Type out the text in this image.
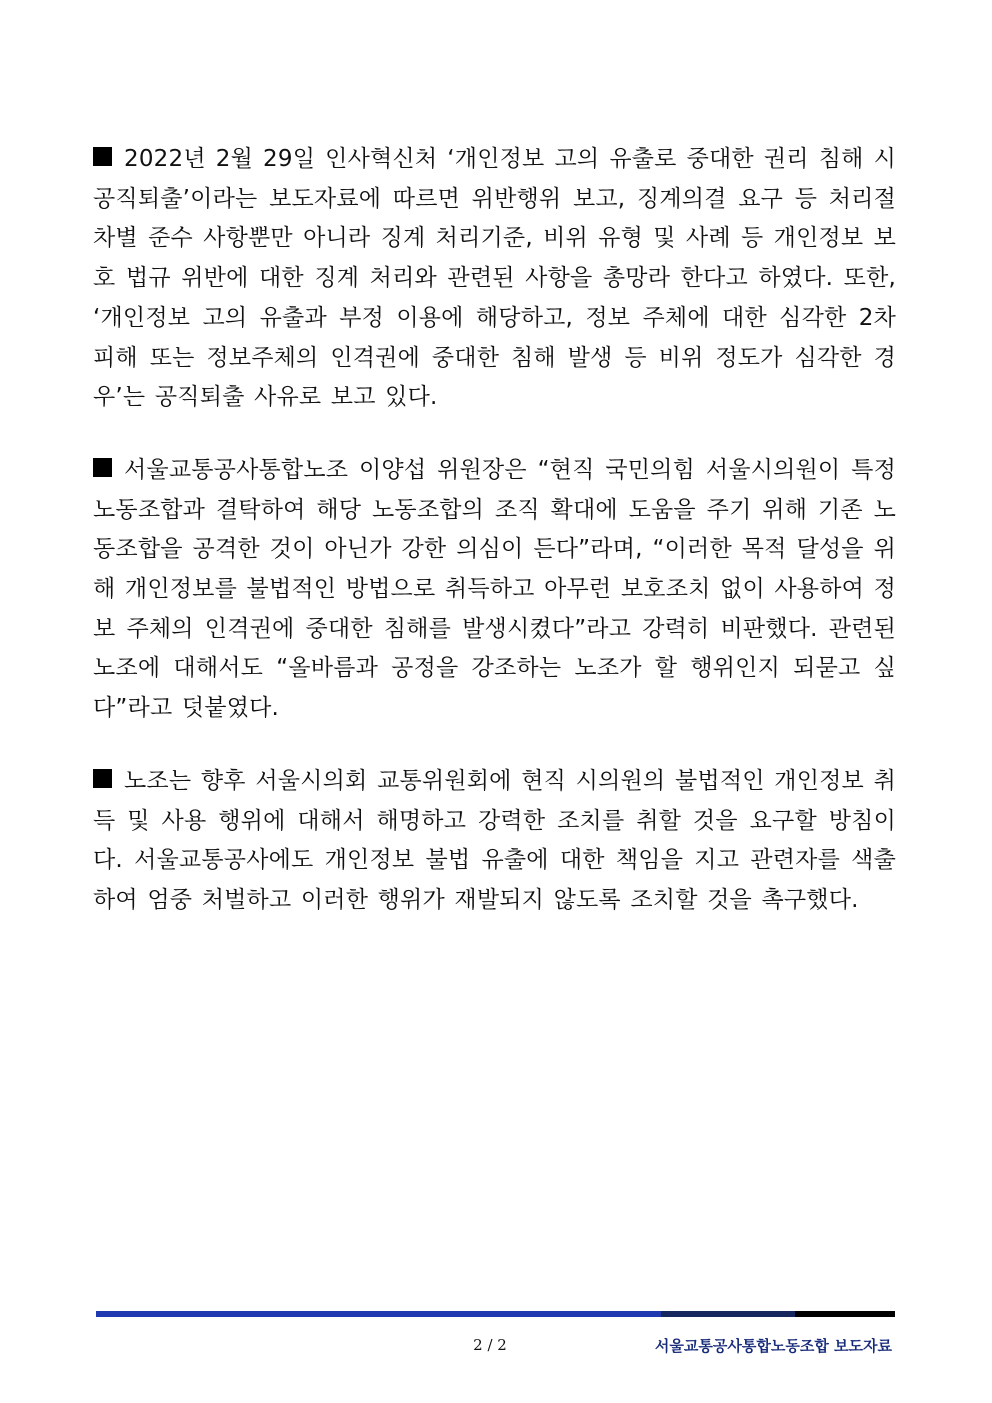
2022년 2월 29일 인사혁신처 ‘개인정보 고의 유출로 중대한 권리 침해 시 공직퇴출’이라는 보도자료에 따르면 위반행위 보고, 징계의결 요구 등 처리절차별 준수 사항뿐만 아니라 징계 처리기준, 비위 유형 및 사례 등 개인정보 보호 법규 위반에 대한 징계 처리와 관련된 사항을 총망라 한다고 하였다. 또한, ‘개인정보 고의 유출과 부정 이용에 해당하고, 정보 주체에 대한 심각한 2차 피해 또는 정보주체의 인격권에 중대한 침해 발생 등 비위 정도가 심각한 경우’는 공직퇴출 사유로 보고 있다.

서울교통공사통합노조 이양섭 위원장은 “현직 국민의힘 서울시의원이 특정 노동조합과 결탁하여 해당 노동조합의 조직 확대에 도움을 주기 위해 기존 노동조합을 공격한 것이 아닌가 강한 의심이 든다”라며, “이러한 목적 달성을 위해 개인정보를 불법적인 방법으로 취득하고 아무런 보호조치 없이 사용하여 정보 주체의 인격권에 중대한 침해를 발생시켰다”라고 강력히 비판했다. 관련된 노조에 대해서도 “올바름과 공정을 강조하는 노조가 할 행위인지 되묻고 싶다”라고 덧붙였다.

노조는 향후 서울시의회 교통위원회에 현직 시의원의 불법적인 개인정보 취득 및 사용 행위에 대해서 해명하고 강력한 조치를 취할 것을 요구할 방침이다. 서울교통공사에도 개인정보 불법 유출에 대한 책임을 지고 관련자를 색출하여 엄중 처벌하고 이러한 행위가 재발되지 않도록 조치할 것을 촉구했다.

2 / 2	서울교통공사통합노동조합 보도자료
